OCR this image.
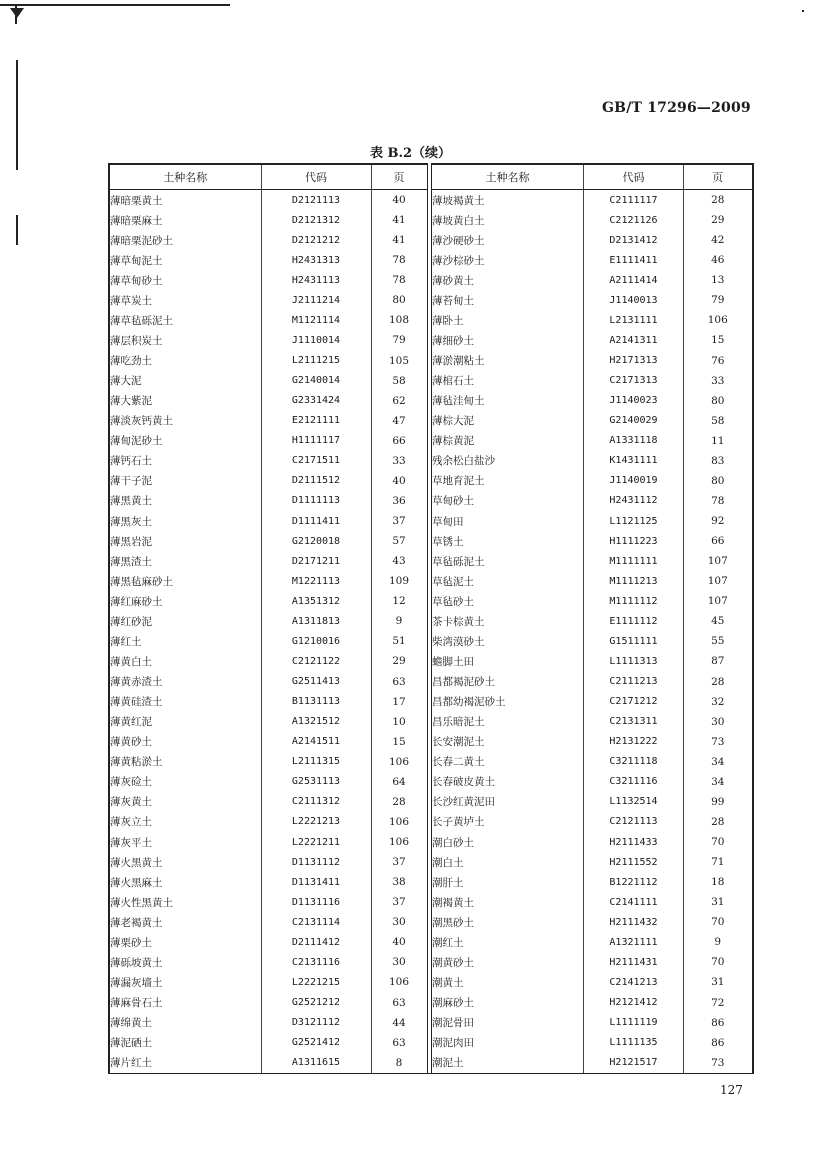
GB/T 17296—2009
表 B.2（续）
土种名称	代码	页
薄暗栗黄土	D2121113	40
薄暗栗麻土	D2121312	41
薄暗栗泥砂土	D2121212	41
薄草甸泥土	H2431313	78
薄草甸砂土	H2431113	78
薄草炭土	J2111214	80
薄草毡砾泥土	M1121114	108
薄层积炭土	J1110014	79
薄吃劲土	L2111215	105
薄大泥	G2140014	58
薄大紫泥	G2331424	62
薄淡灰钙黄土	E2121111	47
薄甸泥砂土	H1111117	66
薄钙石土	C2171511	33
薄干子泥	D2111512	40
薄黑黄土	D1111113	36
薄黑灰土	D1111411	37
薄黑岩泥	G2120018	57
薄黑渣土	D2171211	43
薄黑毡麻砂土	M1221113	109
薄红麻砂土	A1351312	12
薄红砂泥	A1311813	9
薄红土	G1210016	51
薄黄白土	C2121122	29
薄黄赤渣土	G2511413	63
薄黄硅渣土	B1131113	17
薄黄红泥	A1321512	10
薄黄砂土	A2141511	15
薄黄粘淤土	L2111315	106
薄灰硷土	G2531113	64
薄灰黄土	C2111312	28
薄灰立土	L2221213	106
薄灰平土	L2221211	106
薄火黑黄土	D1131112	37
薄火黑麻土	D1131411	38
薄火性黑黄土	D1131116	37
薄老褐黄土	C2131114	30
薄栗砂土	D2111412	40
薄砾坡黄土	C2131116	30
薄漏灰墙土	L2221215	106
薄麻骨石土	G2521212	63
薄绵黄土	D3121112	44
薄泥硒土	G2521412	63
薄片红土	A1311615	8
土种名称	代码	页
薄坡褐黄土	C2111117	28
薄坡黄白土	C2121126	29
薄沙硬砂土	D2131412	42
薄沙棕砂土	E1111411	46
薄砂黄土	A2111414	13
薄苔甸土	J1140013	79
薄卧土	L2131111	106
薄细砂土	A2141311	15
薄淤潮粘土	H2171313	76
薄棺石土	C2171313	33
薄毡洼甸土	J1140023	80
薄棕大泥	G2140029	58
薄棕黄泥	A1331118	11
残余松白盐沙	K1431111	83
草地育泥土	J1140019	80
草甸砂土	H2431112	78
草甸田	L1121125	92
草锈土	H1111223	66
草毡砾泥土	M1111111	107
草毡泥土	M1111213	107
草毡砂土	M1111112	107
茶卡棕黄土	E1111112	45
柴湾漠砂土	G1511111	55
蟾脚土田	L1111313	87
昌都褐泥砂土	C2111213	28
昌都幼褐泥砂土	C2171212	32
昌乐暗泥土	C2131311	30
长安潮泥土	H2131222	73
长春二黄土	C3211118	34
长春破皮黄土	C3211116	34
长沙红黄泥田	L1132514	99
长子黄垆土	C2121113	28
潮白砂土	H2111433	70
潮白土	H2111552	71
潮肝土	B1221112	18
潮褐黄土	C2141111	31
潮黑砂土	H2111432	70
潮红土	A1321111	9
潮黄砂土	H2111431	70
潮黄土	C2141213	31
潮麻砂土	H2121412	72
潮泥骨田	L1111119	86
潮泥肉田	L1111135	86
潮泥土	H2121517	73
127
